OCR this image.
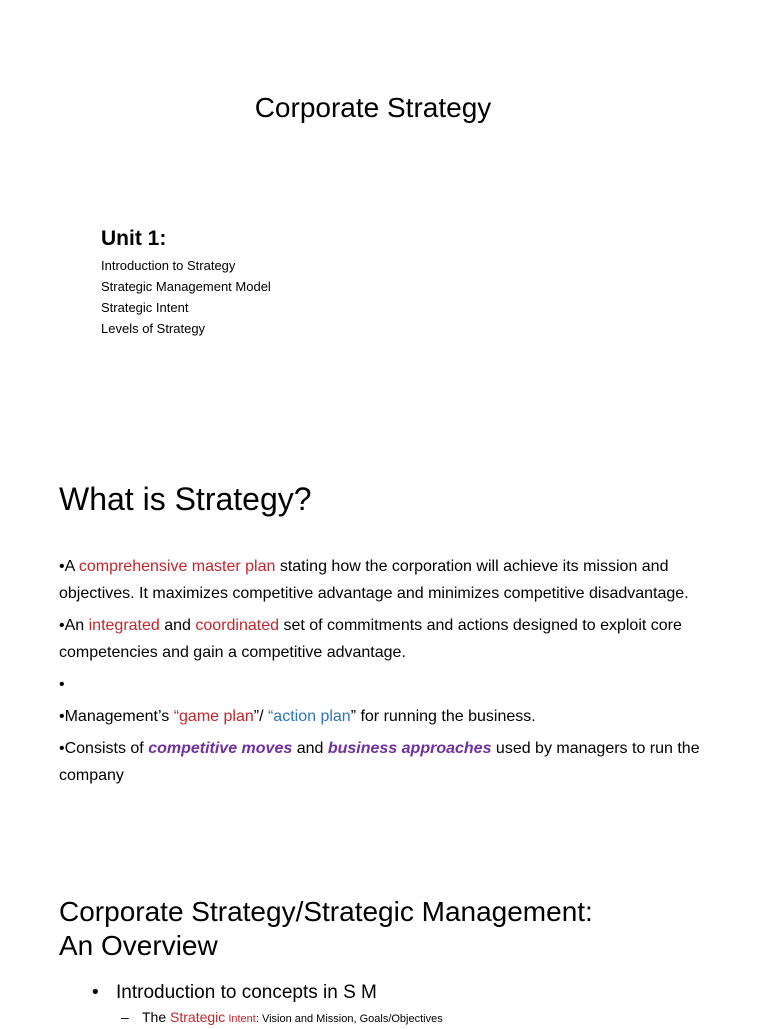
Corporate Strategy
Unit 1:
Introduction to Strategy
Strategic Management Model
Strategic Intent
Levels of Strategy
What is Strategy?

•A comprehensive master plan stating how the corporation will achieve its mission and objectives. It maximizes competitive advantage and minimizes competitive disadvantage.

•An integrated and coordinated set of commitments and actions designed to exploit core competencies and gain a competitive advantage.

•

•Management’s “game plan”/ “action plan” for running the business.

•Consists of competitive moves and business approaches used by managers to run the company

Corporate Strategy/Strategic Management:
An Overview
• Introduction to concepts in S M
– The Strategic Intent: Vision and Mission, Goals/Objectives
